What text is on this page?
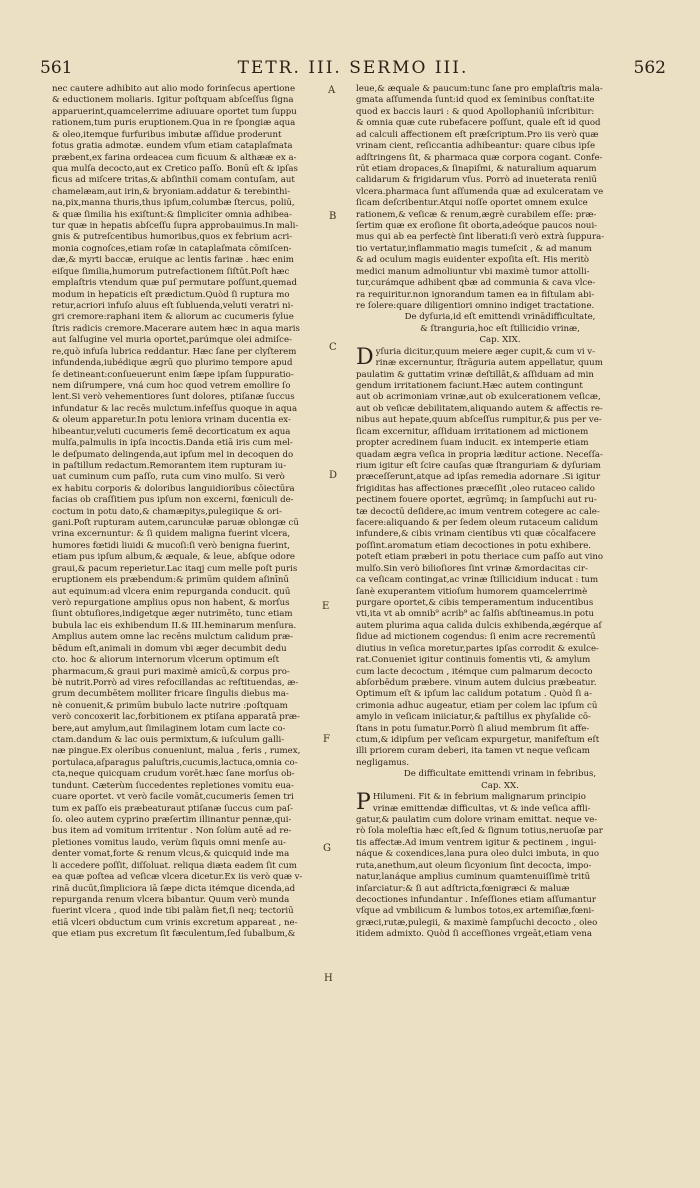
561	TETR. III. SERMO III.	562
nec cautere adhibito aut alio modo forinſecus apertione
& eductionem moliaris. Igitur poſtquam abſceſſus ſigna
apparuerint,quamcelerrime adiuuare oportet tum ſuppu
rationem,tum puris eruptionem.Qua in re ſpongiæ aqua
& oleo,itemque furfuribus imbutæ aſſidue proderunt
fotus gratia admotæ. eundem vſum etiam cataplaſmata
præbent,ex farina ordeacea cum ficuum & althææ ex a-
qua mulſa decocto,aut ex Cretico paſſo. Bonū eſt & ipſas
ficus ad miſcere tritas,& abſinthii comam contuſam, aut
chamelæam,aut irin,& bryoniam.addatur & terebinthi-
na,pix,manna thuris,thus ipſum,columbæ ſtercus, poliū,
& quæ ſimilia his exiſtunt:& ſimpliciter omnia adhibea-
tur quæ in hepatis abſceſſu ſupra approbauimus.In mali-
gnis & putreſcentibus humoribus,quos ex febrium acri-
monia cognoſces,etiam roſæ in cataplaſmata cōmiſcen-
dæ,& myrti baccæ, eruique ac lentis farinæ . hæc enim
eiſque ſimilia,humorum putrefactionem ſiſtūt.Poſt hæc
emplaſtris vtendum quæ puſ permutare poſſunt,quemad
modum in hepaticis eſt prædictum.Quòd ſi ruptura mo
retur,acriori infuſo aluus eſt ſubluenda,veluti veratri ni-
gri cremore:raphani item & aliorum ac cucumeris ſylue
ſtris radicis cremore.Macerare autem hæc in aqua maris
aut ſalſugine vel muria oportet,parúmque olei admiſce-
re,quò infuſa lubrica reddantur. Hæc ſane per clyſterem
infundenda,iubédique ægrū quo plurimo tempore apud
ſe detineant:conſueuerunt enim ſæpe ipſam ſuppuratio-
nem diſrumpere, vná cum hoc quod vetrem emollire ſo
lent.Si verò vehementiores ſunt dolores, ptiſanæ ſuccus
infundatur & lac recēs mulctum.infeſſus quoque in aqua
& oleum apparetur.In potu leniora vrinam ducentia ex-
hibeantur,veluti cucumeris ſemē decorticatum ex aqua
mulſa,palmulis in ipſa incoctis.Danda etiā iris cum mel-
le deſpumato delingenda,aut ipſum mel in decoquen do
in paſtillum redactum.Remorantem item rupturam iu-
uat cuminum cum paſſo, ruta cum vino mulſo. Si verò
ex habitu corporis & doloribus languidioribus cōiectūra
facias ob craſſitiem pus ipſum non excerni, fœniculi de-
coctum in potu dato,& chamæpitys,pulegiique & ori-
gani.Poſt rupturam autem,caruncułæ paruæ oblongæ cū
vrina excernuntur: & ſi quidem maligna fuerint vlcera,
humores fœtidi liuidi & mucoſi:ſi verò benigna fuerint,
etiam pus ipſum album,& æquale, & leue, abſque odore
graui,& pacum reperietur.Lac itaqj cum melle poſt puris
eruptionem eis præbendum:& primūm quidem aſinīnū
aut equinum:ad vlcera enim repurganda conducit. quū
verò repurgatione amplius opus non habent, & morſus
ſiunt obtuſiores,indigetque æger nutrimēto, tunc etiam
bubula lac eis exhibendum II.& III.heminarum menſura.
Amplius autem omne lac recēns mulctum calidum præ-
bēdum eſt,animali in domum vbi æger decumbit dedu
cto. hoc & aliorum internorum vlcerum optimum eſt
pharmacum,& graui puri maximè amicū,& corpus pro-
bè nutrit.Porrò ad vires refocillandas ac reſtituendas, æ-
grum decumbētem molliter fricare ſingulis diebus ma-
nè conuenit,& primūm bubulo lacte nutrire :poſtquam
verò concoxerit lac,forbitionem ex ptiſana apparatā præ-
bere,aut amylum,aut ſimilaginem lotam cum lacte co-
ctam.dandum & lac ouis permixtum,& iuſculum galli-
næ pingue.Ex oleribus conueniunt, malua , feris , rumex,
portulaca,aſparagus paluſtris,cucumis,lactuca,omnia co-
cta,neque quicquam crudum vorēt.hæc ſane morſus ob-
tundunt. Cæterùm ſuccedentes repletiones vomitu eua-
cuare oportet. vt verò facile vomāt,cucumeris ſemen tri
tum ex paſſo eis præbeaturaut ptiſanæ ſuccus cum paſ-
ſo. oleo autem cyprino præſertim illinantur pennæ,qui-
bus item ad vomitum irritentur . Non ſolùm autē ad re-
pletiones vomitus laudo, verùm ſiquis omni menſe au-
denter vomat,forte & renum vlcus,& quicquid inde ma
li accedere poſſit, diſſoluat. reliqua diæta eadem ſit cum
ea quæ poſtea ad veſicæ vlcera dicetur.Ex iis verò quæ v-
rinā ducūt,ſimpliciora iā ſæpe dicta itémque dicenda,ad
repurganda renum vlcera bibantur. Quum verò munda
fuerint vlcera , quod inde tibi palàm fiet,ſi neq; tectoriū
etiā vlceri obductum cum vrinis excretum appareat , ne-
que etiam pus excretum ſit fæculentum,ſed ſubalbum,&
A
B
C
D
E
F
G
H
leue,& æquale & paucum:tunc ſane pro emplaſtris mala-
gmata aſſumenda ſunt:id quod ex ſeminibus conſtat:ite
quod ex baccis lauri : & quod Apollophaniū inſcribitur:
& omnia quæ cute rubefacere poſſunt, quale eſt id quod
ad calculi affectionem eſt præſcriptum.Pro iis verò quæ
vrinam cient, reſiccantia adhibeantur: quare cibus ipſe
adſtringens ſit, & pharmaca quæ corpora cogant. Confe-
rūt etiam dropaces,& ſinapiſmi, & naturalium aquarum
calidarum & frigidarum vſus. Porrò ad inueterata reniū
vlcera.pharmaca ſunt aſſumenda quæ ad exulceratam ve
ſicam deſcribentur.Atqui noſſe oportet omnem exulce
rationem,& veſicæ & renum,ægrè curabilem eſſe: præ-
ſertim quæ ex eroſione ſit oborta,adeóque paucos noui-
mus qui ab ea perfectè ſint liberati:ſi verò extrà ſuppura-
tio vertatur,inflammatio magis tumeſcit , & ad manum
& ad oculum magis euidenter expoſita eſt. His meritò
medici manum admoliuntur vbi maximè tumor attolli-
tur,curámque adhibent qbæ ad communia & cava vlce-
ra requiritur.non ignorandum tamen ea in fiſtulam abi-
re ſolere:quare diligentiori omnino indiget tractatione.
De dyſuria,id eſt emittendi vrinādifficultate,
& ſtranguria,hoc eſt ſtillicidio vrinæ,
Cap. XIX.
D yſuria dicitur,quum meiere æger cupit,& cum vi v-
rinæ excernuntur, ſtrāguria autem appellatur, quum
paulatim & guttatim vrinæ deſtillāt,& aſſiduam ad min
gendum irritationem faciunt.Hæc autem contingunt
aut ob acrimoniam vrinæ,aut ob exulcerationem veſicæ,
aut ob veſicæ debilitatem,aliquando autem & affectis re-
nibus aut hepate,quum abſceſſus rumpitur,& pus per ve-
ſicam excernitur, aſſiduam irritationem ad mictionem
propter acredinem ſuam inducit. ex intemperie etiam
quadam ægra veſica in propria læditur actione. Neceſſa-
rium igitur eſt ſcire cauſas quæ ſtranguriam & dyſuriam
præceſſerunt,atque ad ipſas remedia adornare .Si igitur
frigiditas has affectiones præceſſit ,oleo rutaceo calido
pectinem fouere oportet, ægrūmq; in ſampſuchi aut ru-
tæ decoctū deſidere,ac imum ventrem cotegere ac cale-
facere:aliquando & per ſedem oleum rutaceum calidum
infundere,& cibis vrinam cientibus vti quæ cōcalfacere
poſſint.aromatum etiam decoctiones in potu exhibere.
poteſt etiam præberi in potu theriace cum paſſo aut vino
mulſo.Sin verò bilioſiores ſint vrinæ &mordacitas cir-
ca veſicam contingat,ac vrinæ ſtillicidium inducat : tum
ſanè exuperantem vitioſum humorem quamcelerrimè
purgare oportet,& cibis temperamentum inducentibus
vti,ita vt ab omnib⁹ acrib⁹ ac ſalſis abſtineamus.in potu
autem plurima aqua calida dulcis exhibenda,ægérque aſ
ſidue ad mictionem cogendus: ſi enim acre recrementū
diutius in veſica moretur,partes ipſas corrodit & exulce-
rat.Conueniet igitur continuis fomentis vti, & amylum
cum lacte decoctum , itémque cum palmarum decocto
abſorbēdum præbere. vinum autem dulcius præbeatur.
Optimum eſt & ipſum lac calidum potatum . Quòd ſi a-
crimonia adhuc augeatur, etiam per colem lac ipſum cū
amylo in veſicam iniiciatur,& paſtillus ex phyſalide cō-
ſtans in potu ſumatur.Porrò ſi aliud membrum ſit affe-
ctum,& idipſum per veſicam expurgetur, manifeſtum eſt
illi priorem curam deberi, ita tamen vt neque veſicam
negligamus.
De difficultate emittendi vrinam in febribus,
Cap. XX.
P Hilumeni. Fit & in febrium malignarum principio
vrinæ emittendæ difficultas, vt & inde veſica affli-
gatur,& paulatim cum dolore vrinam emittat. neque ve-
rò ſola moleſtia hæc eſt,ſed & ſignum totius,neruoſæ par
tis affectæ.Ad imum ventrem igitur & pectinem , ingui-
náque & coxendices,lana pura oleo dulci imbuta, in quo
ruta,anethum,aut oleum ſicyonium ſint decocta, impo-
natur,lanáque amplius cuminum quamtenuiſſimè tritū
inſarciatur:& ſi aut adſtricta,fœnigræci & maluæ
decoctiones infundantur . Inſeſſiones etiam aſſumantur
vſque ad vmbilicum & lumbos totos,ex artemiſiæ,fœni-
græci,rutæ,pulegii, & maximè ſampſuchi decocto , oleo
itidem admixto. Quòd ſi acceſſiones vrgeāt,etiam vena
